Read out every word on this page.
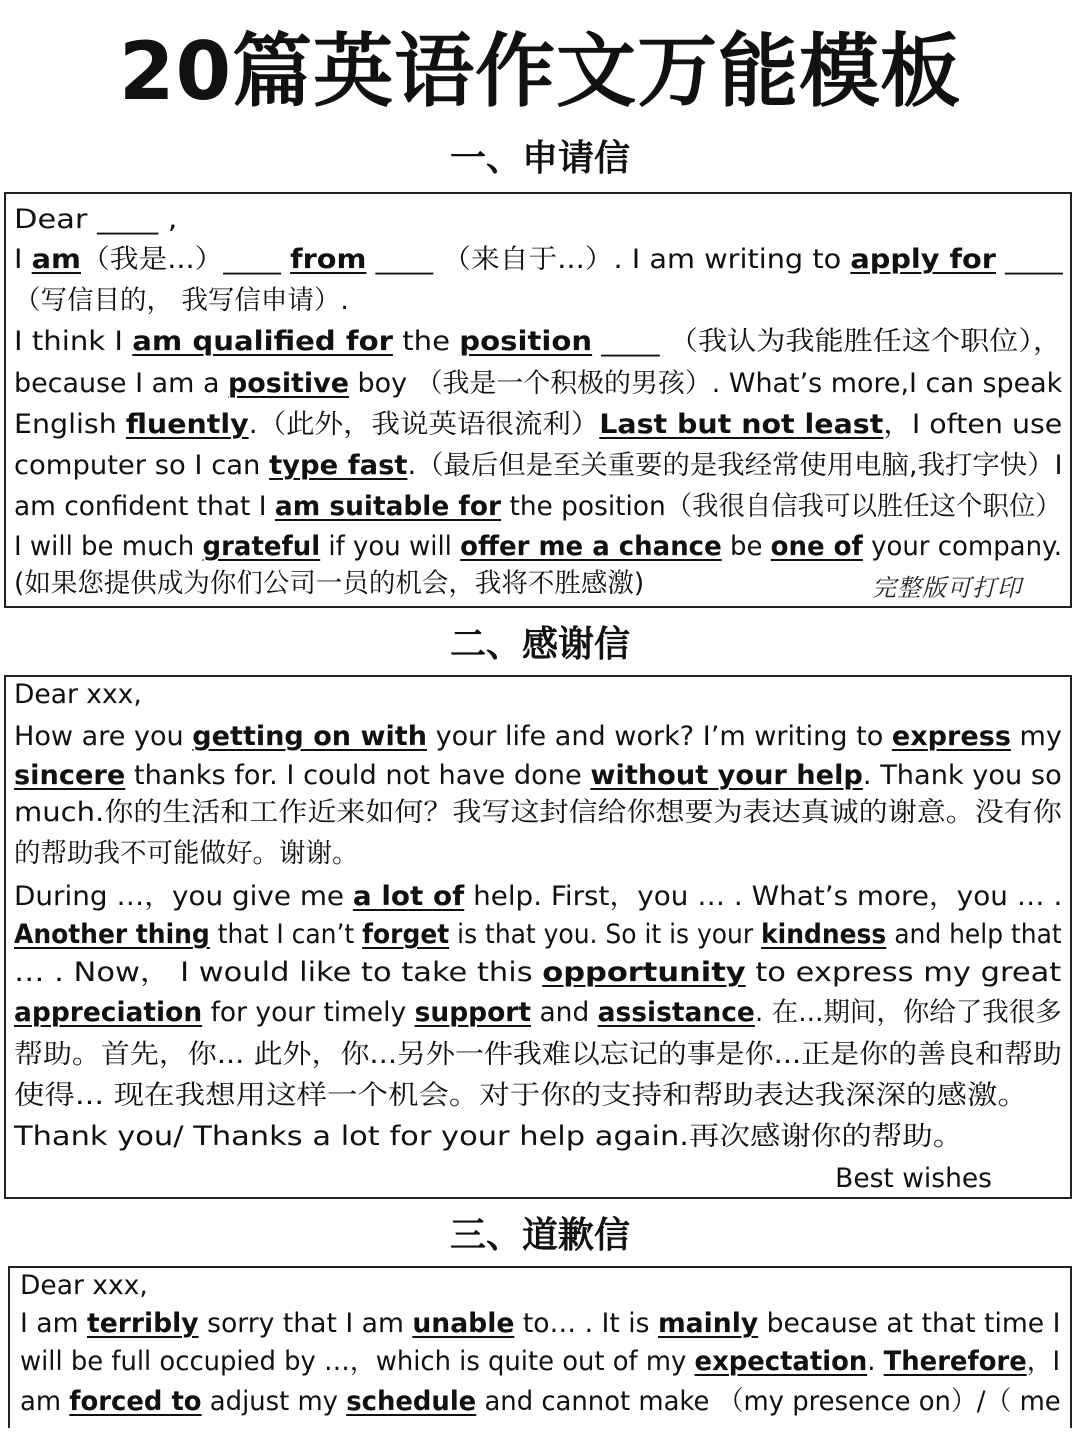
20篇英语作文万能模板
一、申请信
Dear ____ ,
I am（我是...）____ from ____ （来自于...）. I am writing to apply for ____
（写信目的， 我写信申请）.
I think I am qualified for the position ____ （我认为我能胜任这个职位），
because I am a positive boy （我是一个积极的男孩）. What’s more,I can speak
English fluently.（此外，我说英语很流利）Last but not least，I often use
computer so I can type fast.（最后但是至关重要的是我经常使用电脑,我打字快）I
am confident that I am suitable for the position（我很自信我可以胜任这个职位）
I will be much grateful if you will offer me a chance be one of your company.
(如果您提供成为你们公司一员的机会，我将不胜感激)	完整版可打印
二、感谢信
Dear xxx,
How are you getting on with your life and work? I’m writing to express my
sincere thanks for. I could not have done without your help. Thank you so
much.你的生活和工作近来如何？我写这封信给你想要为表达真诚的谢意。没有你
的帮助我不可能做好。谢谢。
During …，you give me a lot of help. First，you … . What’s more，you … .
Another thing that I can’t forget is that you. So it is your kindness and help that
… . Now， I would like to take this opportunity to express my great
appreciation for your timely support and assistance. 在...期间，你给了我很多
帮助。首先，你... 此外，你...另外一件我难以忘记的事是你...正是你的善良和帮助
使得... 现在我想用这样一个机会。对于你的支持和帮助表达我深深的感激。
Thank you/ Thanks a lot for your help again.再次感谢你的帮助。
Best wishes
三、道歉信
Dear xxx,
I am terribly sorry that I am unable to… . It is mainly because at that time I
will be full occupied by …，which is quite out of my expectation. Therefore，I
am forced to adjust my schedule and cannot make （my presence on）/（ me
